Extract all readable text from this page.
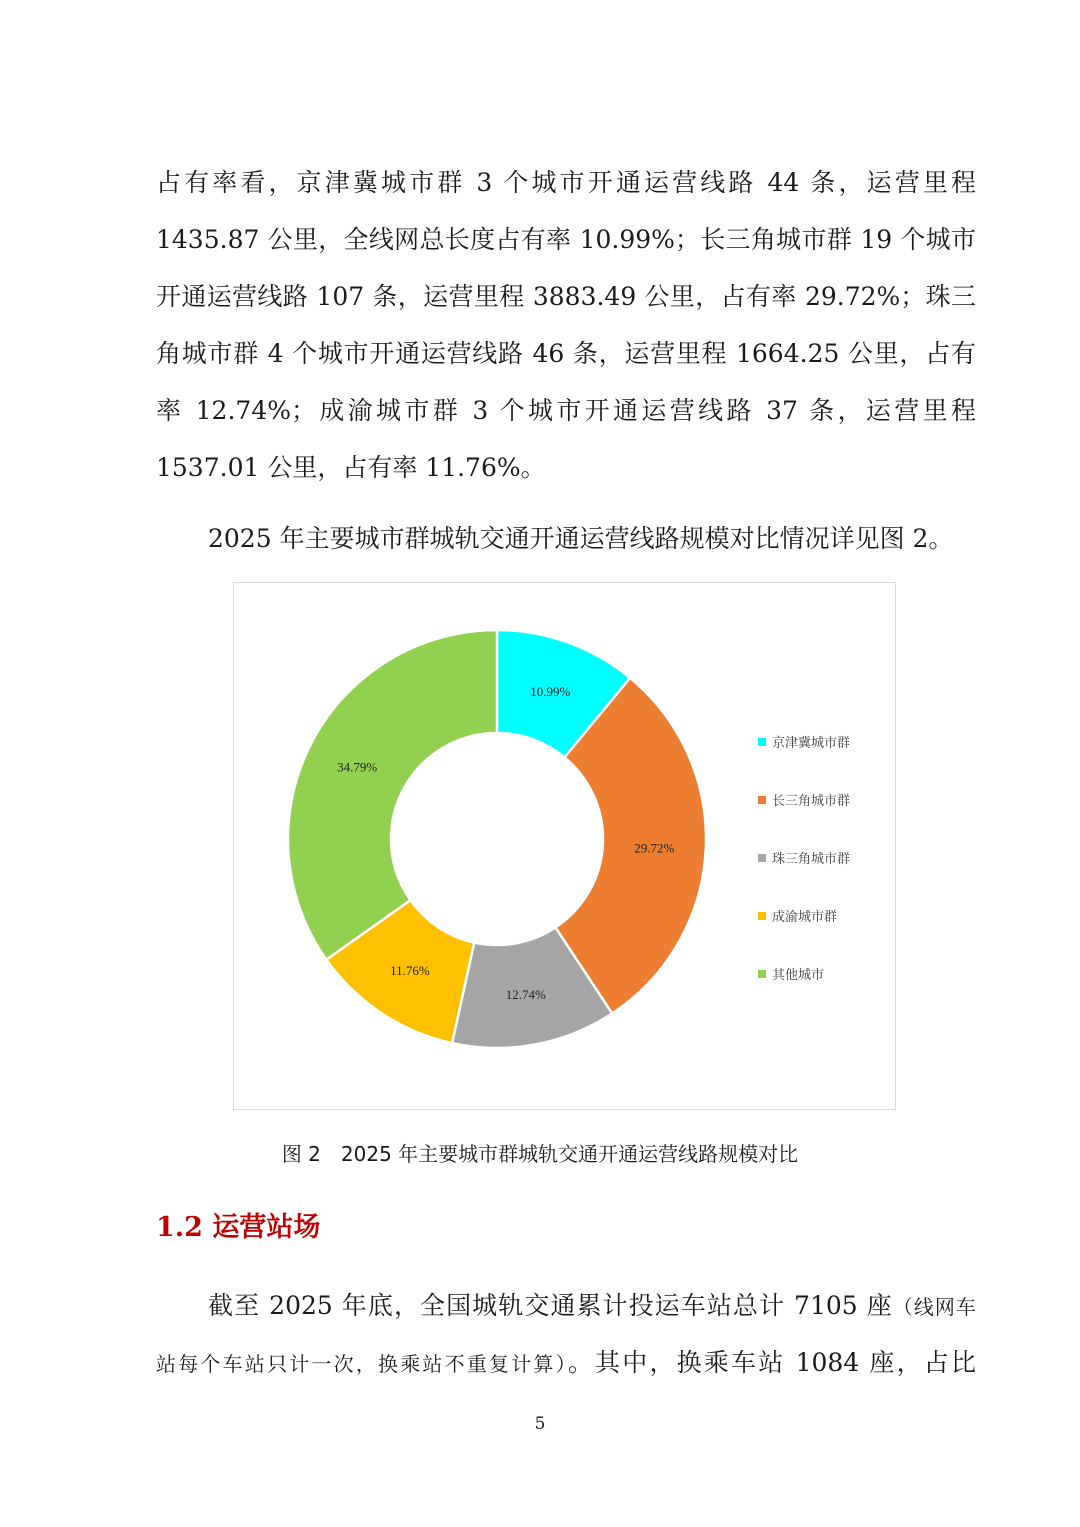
占有率看，京津冀城市群 3 个城市开通运营线路 44 条，运营里程
1435.87 公里，全线网总长度占有率 10.99%；长三角城市群 19 个城市
开通运营线路 107 条，运营里程 3883.49 公里，占有率 29.72%；珠三
角城市群 4 个城市开通运营线路 46 条，运营里程 1664.25 公里，占有
率 12.74%；成渝城市群 3 个城市开通运营线路 37 条，运营里程
1537.01 公里，占有率 11.76%。
2025 年主要城市群城轨交通开通运营线路规模对比情况详见图 2。
10.99%
29.72%
12.74%
11.76%
34.79%
京津冀城市群
长三角城市群
珠三角城市群
成渝城市群
其他城市
图 2　2025 年主要城市群城轨交通开通运营线路规模对比
1.2 运营站场
截至 2025 年底，全国城轨交通累计投运车站总计 7105 座（线网车
站每个车站只计一次，换乘站不重复计算）。其中，换乘车站 1084 座，占比
5
